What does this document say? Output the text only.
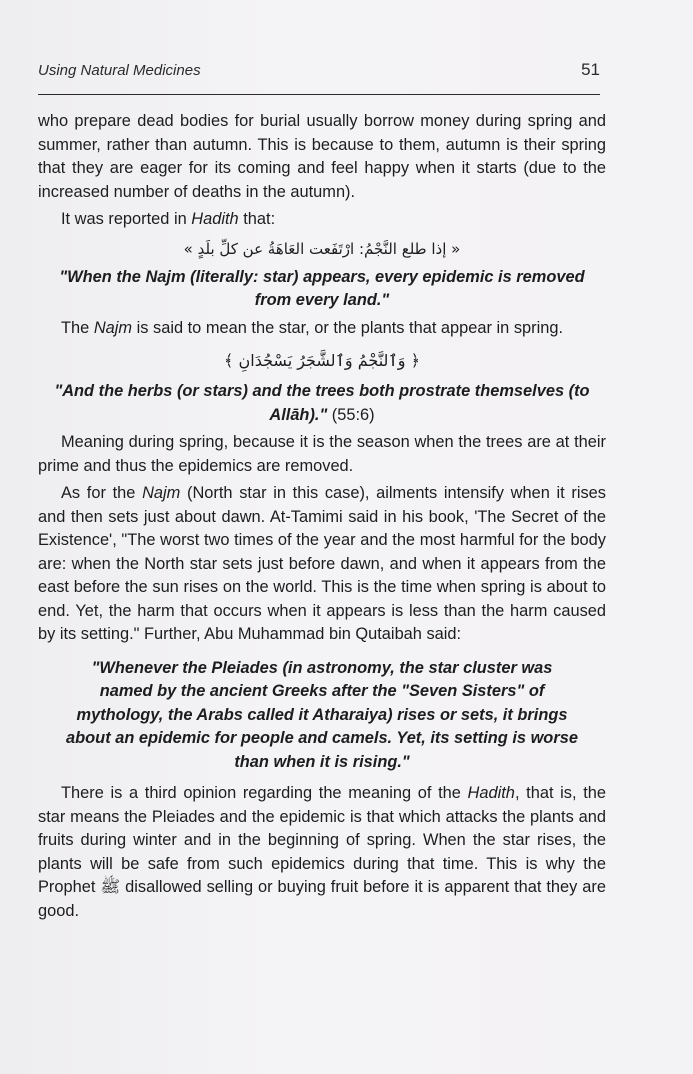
Using Natural Medicines	51

who prepare dead bodies for burial usually borrow money during spring and summer, rather than autumn. This is because to them, autumn is their spring that they are eager for its coming and feel happy when it starts (due to the increased number of deaths in the autumn).

It was reported in Hadith that:

« إذا طلع النَّجْمُ: ارْتَفَعت العَاهَةُ عن كلِّ بلَدٍ »

"When the Najm (literally: star) appears, every epidemic is removed from every land."

The Najm is said to mean the star, or the plants that appear in spring.

﴿ وَٱلنَّجْمُ وَٱلشَّجَرُ يَسْجُدَانِ ﴾

"And the herbs (or stars) and the trees both prostrate themselves (to Allāh)." (55:6)

Meaning during spring, because it is the season when the trees are at their prime and thus the epidemics are removed.

As for the Najm (North star in this case), ailments intensify when it rises and then sets just about dawn. At-Tamimi said in his book, 'The Secret of the Existence', "The worst two times of the year and the most harmful for the body are: when the North star sets just before dawn, and when it appears from the east before the sun rises on the world. This is the time when spring is about to end. Yet, the harm that occurs when it appears is less than the harm caused by its setting." Further, Abu Muhammad bin Qutaibah said:

"Whenever the Pleiades (in astronomy, the star cluster was named by the ancient Greeks after the "Seven Sisters" of mythology, the Arabs called it Atharaiya) rises or sets, it brings about an epidemic for people and camels. Yet, its setting is worse than when it is rising."

There is a third opinion regarding the meaning of the Hadith, that is, the star means the Pleiades and the epidemic is that which attacks the plants and fruits during winter and in the beginning of spring. When the star rises, the plants will be safe from such epidemics during that time. This is why the Prophet ﷺ disallowed selling or buying fruit before it is apparent that they are good.
